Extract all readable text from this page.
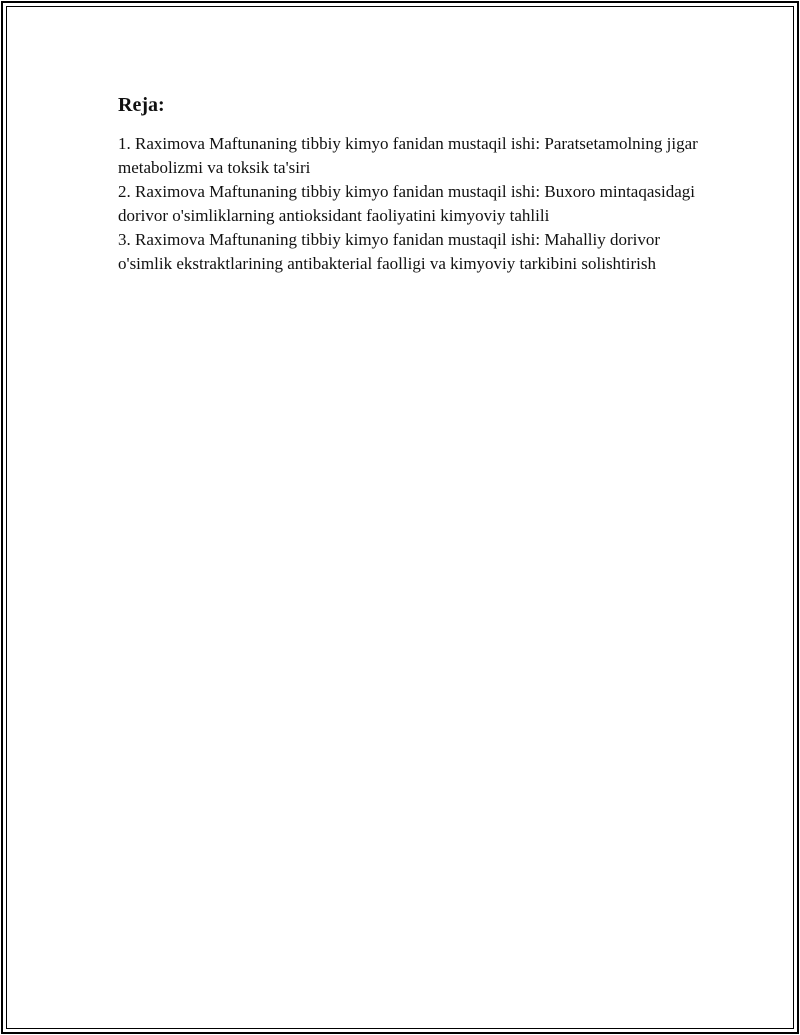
Reja:
1. Raximova Maftunaning tibbiy kimyo fanidan mustaqil ishi: Paratsetamolning jigar metabolizmi va toksik ta'siri
2. Raximova Maftunaning tibbiy kimyo fanidan mustaqil ishi: Buxoro mintaqasidagi dorivor o'simliklarning antioksidant faoliyatini kimyoviy tahlili
3. Raximova Maftunaning tibbiy kimyo fanidan mustaqil ishi: Mahalliy dorivor o'simlik ekstraktlarining antibakterial faolligi va kimyoviy tarkibini solishtirish
